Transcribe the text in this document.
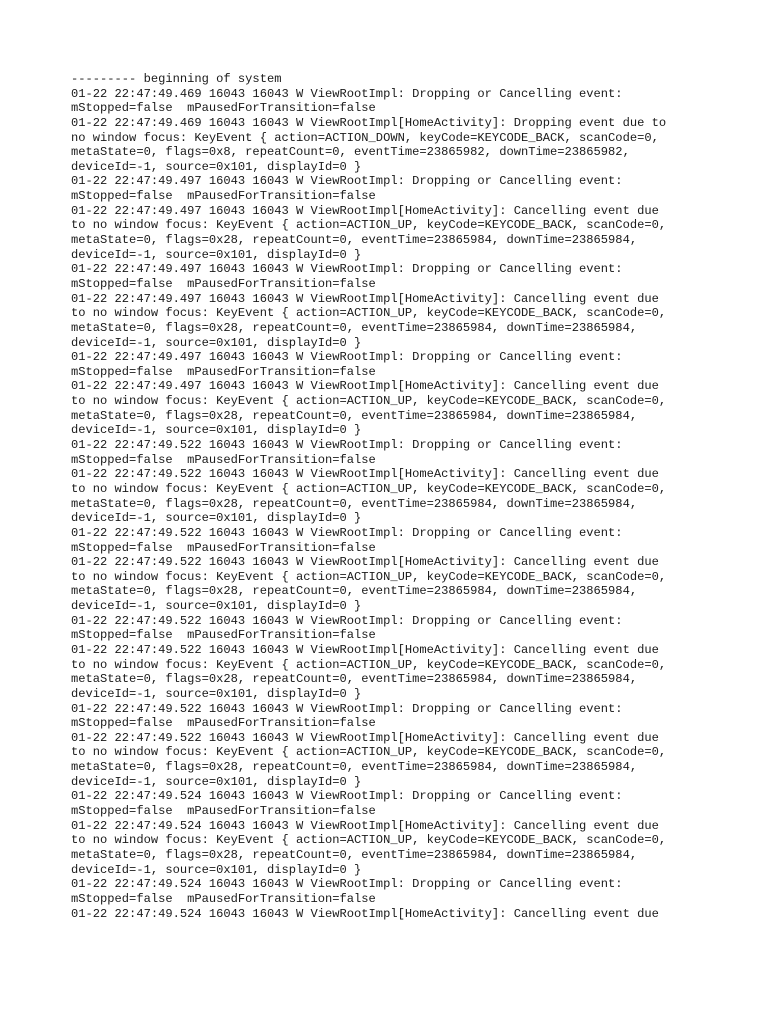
--------- beginning of system
01-22 22:47:49.469 16043 16043 W ViewRootImpl: Dropping or Cancelling event:
mStopped=false  mPausedForTransition=false
01-22 22:47:49.469 16043 16043 W ViewRootImpl[HomeActivity]: Dropping event due to
no window focus: KeyEvent { action=ACTION_DOWN, keyCode=KEYCODE_BACK, scanCode=0,
metaState=0, flags=0x8, repeatCount=0, eventTime=23865982, downTime=23865982,
deviceId=-1, source=0x101, displayId=0 }
01-22 22:47:49.497 16043 16043 W ViewRootImpl: Dropping or Cancelling event:
mStopped=false  mPausedForTransition=false
01-22 22:47:49.497 16043 16043 W ViewRootImpl[HomeActivity]: Cancelling event due
to no window focus: KeyEvent { action=ACTION_UP, keyCode=KEYCODE_BACK, scanCode=0,
metaState=0, flags=0x28, repeatCount=0, eventTime=23865984, downTime=23865984,
deviceId=-1, source=0x101, displayId=0 }
01-22 22:47:49.497 16043 16043 W ViewRootImpl: Dropping or Cancelling event:
mStopped=false  mPausedForTransition=false
01-22 22:47:49.497 16043 16043 W ViewRootImpl[HomeActivity]: Cancelling event due
to no window focus: KeyEvent { action=ACTION_UP, keyCode=KEYCODE_BACK, scanCode=0,
metaState=0, flags=0x28, repeatCount=0, eventTime=23865984, downTime=23865984,
deviceId=-1, source=0x101, displayId=0 }
01-22 22:47:49.497 16043 16043 W ViewRootImpl: Dropping or Cancelling event:
mStopped=false  mPausedForTransition=false
01-22 22:47:49.497 16043 16043 W ViewRootImpl[HomeActivity]: Cancelling event due
to no window focus: KeyEvent { action=ACTION_UP, keyCode=KEYCODE_BACK, scanCode=0,
metaState=0, flags=0x28, repeatCount=0, eventTime=23865984, downTime=23865984,
deviceId=-1, source=0x101, displayId=0 }
01-22 22:47:49.522 16043 16043 W ViewRootImpl: Dropping or Cancelling event:
mStopped=false  mPausedForTransition=false
01-22 22:47:49.522 16043 16043 W ViewRootImpl[HomeActivity]: Cancelling event due
to no window focus: KeyEvent { action=ACTION_UP, keyCode=KEYCODE_BACK, scanCode=0,
metaState=0, flags=0x28, repeatCount=0, eventTime=23865984, downTime=23865984,
deviceId=-1, source=0x101, displayId=0 }
01-22 22:47:49.522 16043 16043 W ViewRootImpl: Dropping or Cancelling event:
mStopped=false  mPausedForTransition=false
01-22 22:47:49.522 16043 16043 W ViewRootImpl[HomeActivity]: Cancelling event due
to no window focus: KeyEvent { action=ACTION_UP, keyCode=KEYCODE_BACK, scanCode=0,
metaState=0, flags=0x28, repeatCount=0, eventTime=23865984, downTime=23865984,
deviceId=-1, source=0x101, displayId=0 }
01-22 22:47:49.522 16043 16043 W ViewRootImpl: Dropping or Cancelling event:
mStopped=false  mPausedForTransition=false
01-22 22:47:49.522 16043 16043 W ViewRootImpl[HomeActivity]: Cancelling event due
to no window focus: KeyEvent { action=ACTION_UP, keyCode=KEYCODE_BACK, scanCode=0,
metaState=0, flags=0x28, repeatCount=0, eventTime=23865984, downTime=23865984,
deviceId=-1, source=0x101, displayId=0 }
01-22 22:47:49.522 16043 16043 W ViewRootImpl: Dropping or Cancelling event:
mStopped=false  mPausedForTransition=false
01-22 22:47:49.522 16043 16043 W ViewRootImpl[HomeActivity]: Cancelling event due
to no window focus: KeyEvent { action=ACTION_UP, keyCode=KEYCODE_BACK, scanCode=0,
metaState=0, flags=0x28, repeatCount=0, eventTime=23865984, downTime=23865984,
deviceId=-1, source=0x101, displayId=0 }
01-22 22:47:49.524 16043 16043 W ViewRootImpl: Dropping or Cancelling event:
mStopped=false  mPausedForTransition=false
01-22 22:47:49.524 16043 16043 W ViewRootImpl[HomeActivity]: Cancelling event due
to no window focus: KeyEvent { action=ACTION_UP, keyCode=KEYCODE_BACK, scanCode=0,
metaState=0, flags=0x28, repeatCount=0, eventTime=23865984, downTime=23865984,
deviceId=-1, source=0x101, displayId=0 }
01-22 22:47:49.524 16043 16043 W ViewRootImpl: Dropping or Cancelling event:
mStopped=false  mPausedForTransition=false
01-22 22:47:49.524 16043 16043 W ViewRootImpl[HomeActivity]: Cancelling event due
